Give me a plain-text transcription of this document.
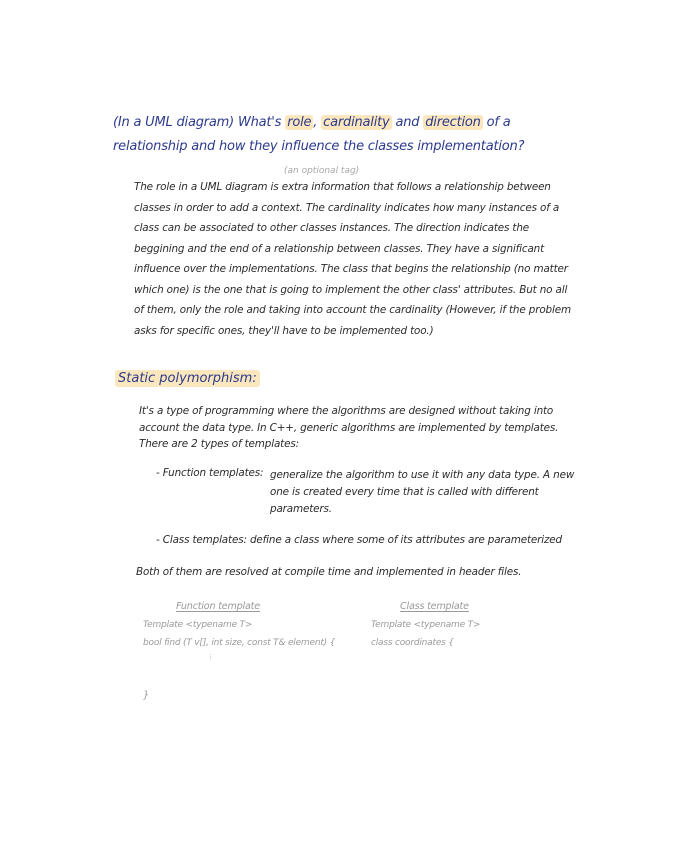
(In a UML diagram) What's role , cardinality and direction of a relationship and how they influence the classes implementation?
(an optional tag)
The role in a UML diagram is extra information that follows a relationship between classes in order to add a context. The cardinality indicates how many instances of a class can be associated to other classes instances. The direction indicates the beggining and the end of a relationship between classes. They have a significant influence over the implementations. The class that begins the relationship (no matter which one) is the one that is going to implement the other class' attributes. But no all of them, only the role and taking into account the cardinality (However, if the problem asks for specific ones, they'll have to be implemented too.)
Static polymorphism:
It's a type of programming where the algorithms are designed without taking into account the data type. In C++, generic algorithms are implemented by templates. There are 2 types of templates:
- Function templates: generalize the algorithm to use it with any data type. A new one is created every time that is called with different parameters.
- Class templates: define a class where some of its attributes are parameterized
Both of them are resolved at compile time and implemented in header files.
Function template
Template <typename T>
bool find (T v[], int size, const T& element) {
⋮
}
Class template
Template <typename T>
class coordinates {
